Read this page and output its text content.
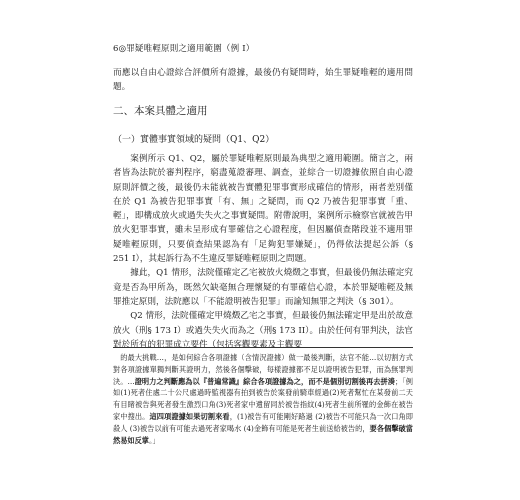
6◎罪疑唯輕原則之適用範圍（例 I）

而應以自由心證綜合評價所有證據，最後仍有疑問時，始生罪疑唯輕的適用問題。

二、本案具體之適用
（一）實體事實領域的疑問（Q1、Q2）

案例所示 Q1、Q2，屬於罪疑唯輕原則最為典型之適用範圍。簡言之，兩者皆為法院於審判程序，窮盡蒐證審理、調查，並綜合一切證據依照自由心證原則評價之後，最後仍未能就被告實體犯罪事實形成確信的情形，兩者差別僅在於 Q1 為被告犯罪事實「有、無」之疑問，而 Q2 乃被告犯罪事實「重、輕」，即構成放火或過失失火之事實疑問。附帶說明，案例所示檢察官就被告甲放火犯罪事實，雖未呈形成有罪確信之心證程度，但因屬偵查階段並不適用罪疑唯輕原則，只要偵查結果認為有「足夠犯罪嫌疑」，仍得依法提起公訴（§ 251 I），其起訴行為不生違反罪疑唯輕原則之問題。

據此，Q1 情形，法院僅確定乙宅被放火燒燬之事實，但最後仍無法確定究竟是否為甲所為，既然欠缺毫無合理懷疑的有罪確信心證，本於罪疑唯輕及無罪推定原則，法院應以「不能證明被告犯罪」而諭知無罪之判決（§ 301）。

Q2 情形，法院僅確定甲燒燬乙宅之事實，但最後仍無法確定甲是出於故意放火（刑§ 173 I）或過失失火而為之（刑§ 173 II）。由於任何有罪判決，法官對於所有的犯罪成立要件（包括客觀要素及主觀要

的最大挑戰…，是如何綜合各項證據（含情況證據）做一最後判斷，法官不能…以切割方式對各項證據單獨判斷其證明力，然後各個擊破，每樣證據都不足以證明被告犯罪，而為無罪判決。…證明力之判斷應為以『普遍常識』綜合各項證據為之，而不是個別切割後再去拼湊；「例如(1)死者住處二十公尺處過時監視器有拍到被告於案發前騎車經過(2)死者幫忙在某發前二天有目睹被告與死者發生激烈口角(3)死者家中遺留同於被告指紋(4)死者生前所罹的金飾在被告家中搜出。這四項證據如果切割來看，(1)被告有可能剛好路過 (2)被告不可能只為一次口角即殺人 (3)被告以前有可能去過死者家喝水 (4)金飾有可能是死者生前送給被告的，要各個擊破當然易如反掌。」
